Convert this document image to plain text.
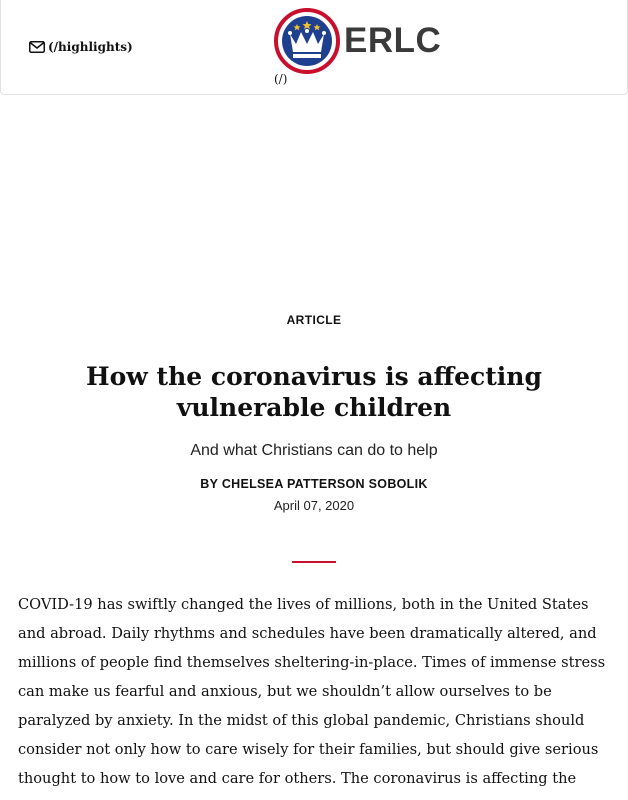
(/highlights)	ERLC
(/)
ARTICLE
How the coronavirus is affecting vulnerable children
And what Christians can do to help
BY CHELSEA PATTERSON SOBOLIK
April 07, 2020

COVID-19 has swiftly changed the lives of millions, both in the United States and abroad. Daily rhythms and schedules have been dramatically altered, and millions of people find themselves sheltering-in-place. Times of immense stress can make us fearful and anxious, but we shouldn’t allow ourselves to be paralyzed by anxiety. In the midst of this global pandemic, Christians should consider not only how to care wisely for their families, but should give serious thought to how to love and care for others. The coronavirus is affecting the
